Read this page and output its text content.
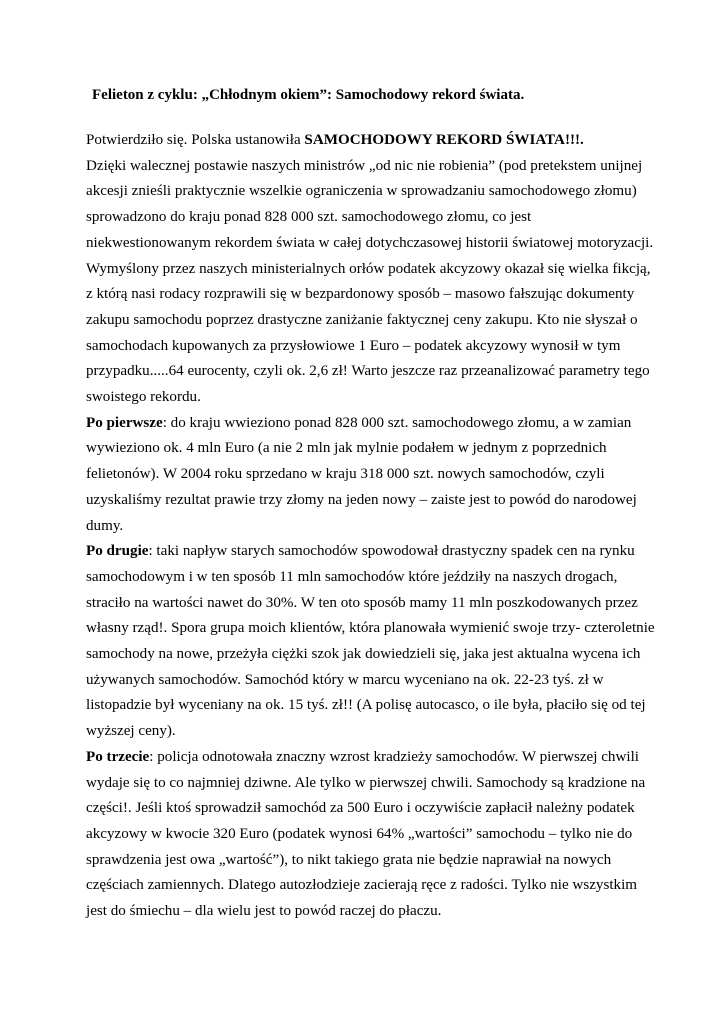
Felieton z cyklu: „Chłodnym okiem”: Samochodowy rekord świata.
Potwierdziło się. Polska ustanowiła SAMOCHODOWY REKORD ŚWIATA!!!.
Dzięki walecznej postawie naszych ministrów „od nic nie robienia” (pod pretekstem unijnej
akcesji znieśli praktycznie wszelkie ograniczenia w sprowadzaniu samochodowego złomu)
sprowadzono do kraju ponad 828 000 szt. samochodowego złomu, co jest
niekwestionowanym rekordem świata w całej dotychczasowej historii światowej motoryzacji.
Wymyślony przez naszych ministerialnych orłów podatek akcyzowy okazał się wielka fikcją,
z którą nasi rodacy rozprawili się w bezpardonowy sposób – masowo fałszując dokumenty
zakupu samochodu poprzez drastyczne zaniżanie faktycznej ceny zakupu. Kto nie słyszał o
samochodach kupowanych za przysłowiowe 1 Euro – podatek akcyzowy wynosił w tym
przypadku.....64 eurocenty, czyli ok. 2,6 zł! Warto jeszcze raz przeanalizować parametry tego
swoistego rekordu.
Po pierwsze: do kraju wwieziono ponad 828 000 szt. samochodowego złomu, a w zamian
wywieziono ok. 4 mln Euro (a nie 2 mln jak mylnie podałem w jednym z poprzednich
felietonów). W 2004 roku sprzedano w kraju 318 000 szt. nowych samochodów, czyli
uzyskaliśmy rezultat prawie trzy złomy na jeden nowy – zaiste jest to powód do narodowej
dumy.
Po drugie: taki napływ starych samochodów spowodował drastyczny spadek cen na rynku
samochodowym i w ten sposób 11 mln samochodów które jeździły na naszych drogach,
straciło na wartości nawet do 30%. W ten oto sposób mamy 11 mln poszkodowanych przez
własny rząd!. Spora grupa moich klientów, która planowała wymienić swoje trzy- czteroletnie
samochody na nowe, przeżyła ciężki szok jak dowiedzieli się, jaka jest aktualna wycena ich
używanych samochodów. Samochód który w marcu wyceniano na ok. 22-23 tyś. zł w
listopadzie był wyceniany na ok. 15 tyś. zł!! (A polisę autocasco, o ile była, płaciło się od tej
wyższej ceny).
Po trzecie: policja odnotowała znaczny wzrost kradzieży samochodów. W pierwszej chwili
wydaje się to co najmniej dziwne. Ale tylko w pierwszej chwili. Samochody są kradzione na
części!. Jeśli ktoś sprowadził samochód za 500 Euro i oczywiście zapłacił należny podatek
akcyzowy w kwocie 320 Euro (podatek wynosi 64% „wartości” samochodu – tylko nie do
sprawdzenia jest owa „wartość”), to nikt takiego grata nie będzie naprawiał na nowych
częściach zamiennych. Dlatego autozłodzieje zacierają ręce z radości. Tylko nie wszystkim
jest do śmiechu – dla wielu jest to powód raczej do płaczu.
